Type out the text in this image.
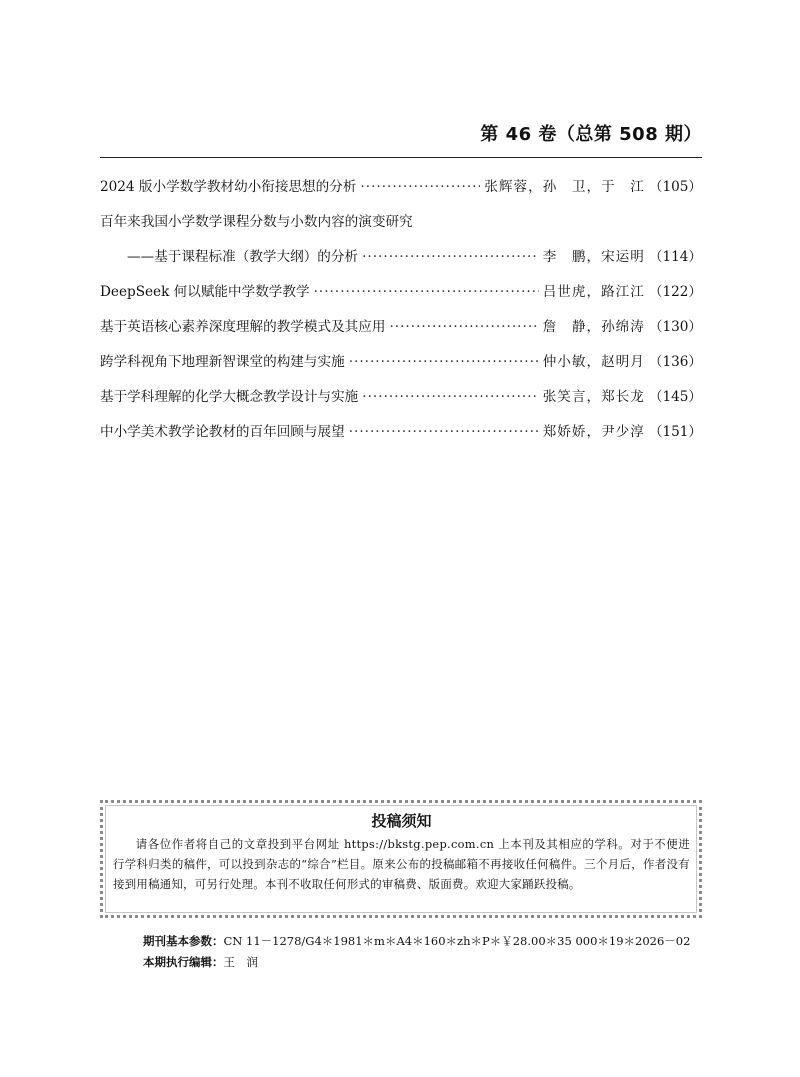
第 46 卷（总第 508 期）
2024 版小学数学教材幼小衔接思想的分析 ·····	张辉蓉，孙　卫，于　江 （105）
百年来我国小学数学课程分数与小数内容的演变研究
——基于课程标准（教学大纲）的分析 ·····	李　鹏，宋运明 （114）
DeepSeek 何以赋能中学数学教学 ·····	吕世虎，路江江 （122）
基于英语核心素养深度理解的教学模式及其应用 ·····	詹　静，孙绵涛 （130）
跨学科视角下地理新智课堂的构建与实施 ·····	仲小敏，赵明月 （136）
基于学科理解的化学大概念教学设计与实施 ·····	张笑言，郑长龙 （145）
中小学美术教学论教材的百年回顾与展望 ·····	郑娇娇，尹少淳 （151）
投稿须知
请各位作者将自己的文章投到平台网址 https://bkstg.pep.com.cn 上本刊及其相应的学科。对于不便进行学科归类的稿件，可以投到杂志的“综合”栏目。原来公布的投稿邮箱不再接收任何稿件。三个月后，作者没有接到用稿通知，可另行处理。本刊不收取任何形式的审稿费、版面费。欢迎大家踊跃投稿。
期刊基本参数：CN 11－1278/G4＊1981＊m＊A4＊160＊zh＊P＊￥28.00＊35 000＊19＊2026－02
本期执行编辑：王　润
